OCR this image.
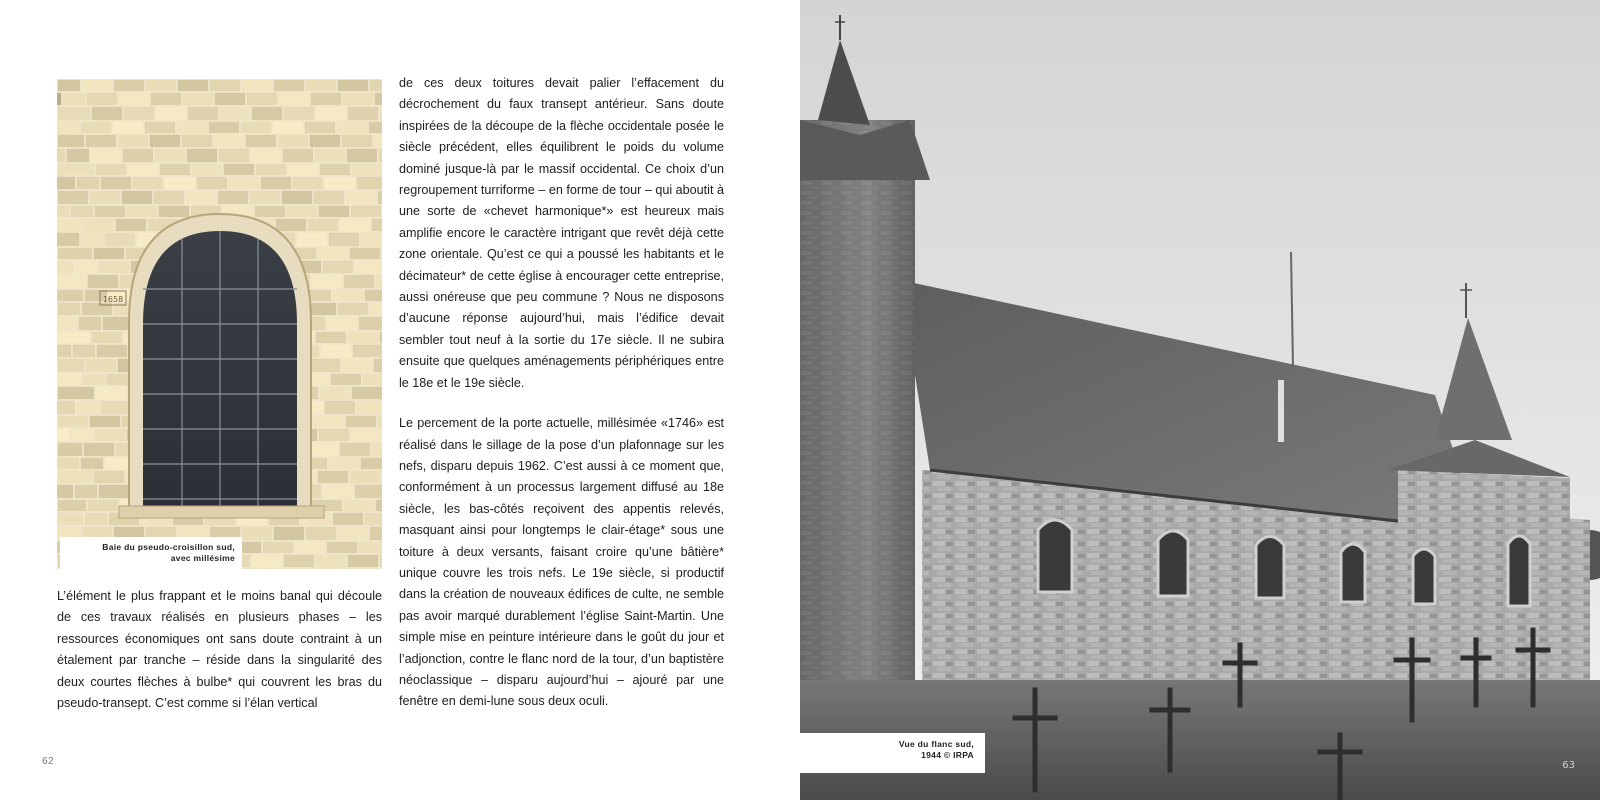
1658
Baie du pseudo-croisillon sud,
avec millésime

L’élément le plus frappant et le moins banal qui découle de ces travaux réalisés en plusieurs phases – les ressources économiques ont sans doute contraint à un étalement par tranche – réside dans la singularité des deux courtes flèches à bulbe* qui couvrent les bras du pseudo-transept. C’est comme si l’élan vertical

de ces deux toitures devait palier l’effacement du décrochement du faux transept antérieur. Sans doute inspirées de la découpe de la flèche occidentale posée le siècle précédent, elles équilibrent le poids du volume dominé jusque-là par le massif occidental. Ce choix d’un regroupement turriforme – en forme de tour – qui aboutit à une sorte de «chevet harmonique*» est heureux mais amplifie encore le caractère intrigant que revêt déjà cette zone orientale. Qu’est ce qui a poussé les habitants et le décimateur* de cette église à encourager cette entreprise, aussi onéreuse que peu commune ? Nous ne disposons d’aucune réponse aujourd’hui, mais l’édifice devait sembler tout neuf à la sortie du 17e siècle. Il ne subira ensuite que quelques aménagements périphériques entre le 18e et le 19e siècle.

Le percement de la porte actuelle, millésimée «1746» est réalisé dans le sillage de la pose d’un plafonnage sur les nefs, disparu depuis 1962. C’est aussi à ce moment que, conformément à un processus largement diffusé au 18e siècle, les bas-côtés reçoivent des appentis relevés, masquant ainsi pour longtemps le clair-étage* sous une toiture à deux versants, faisant croire qu’une bâtière* unique couvre les trois nefs. Le 19e siècle, si productif dans la création de nouveaux édifices de culte, ne semble pas avoir marqué durablement l’église Saint-Martin. Une simple mise en peinture intérieure dans le goût du jour et l’adjonction, contre le flanc nord de la tour, d’un baptistère néoclassique – disparu aujourd’hui – ajouré par une fenêtre en demi-lune sous deux oculi.

62	63
Vue du flanc sud,
1944 © IRPA
